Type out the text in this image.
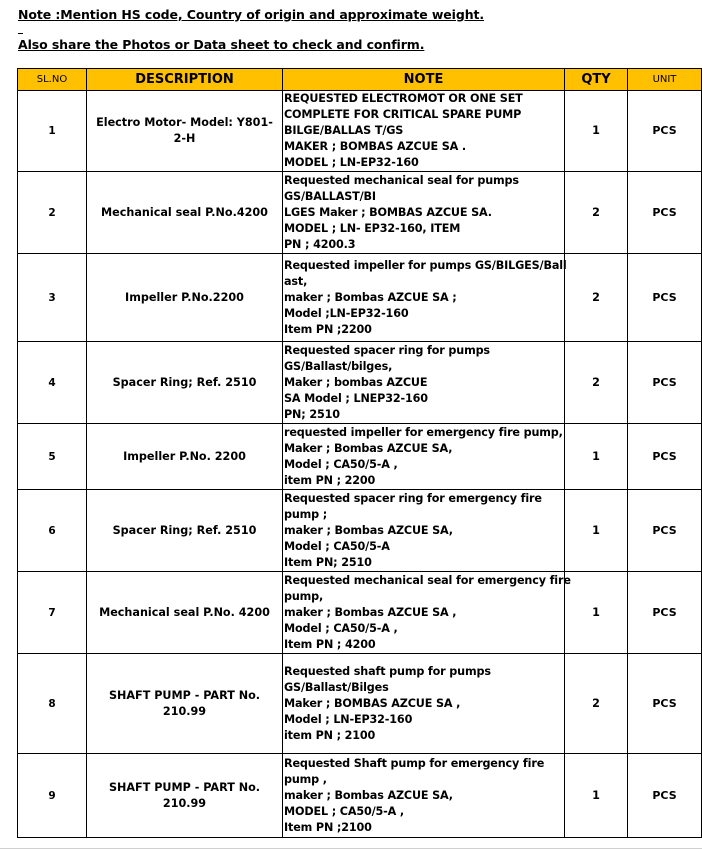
Note :Mention HS code, Country of origin and approximate weight.
Also share the Photos or Data sheet to check and confirm.
SL.NO	DESCRIPTION	NOTE	QTY	UNIT
1	Electro Motor- Model: Y801-2-H	REQUESTED ELECTROMOT OR ONE SET
COMPLETE FOR CRITICAL SPARE PUMP
BILGE/BALLAS T/GS
MAKER ; BOMBAS AZCUE SA .
MODEL ; LN-EP32-160	1	PCS
2	Mechanical seal P.No.4200	Requested mechanical seal for pumps
GS/BALLAST/BI
LGES Maker ; BOMBAS AZCUE SA.
MODEL ; LN- EP32-160, ITEM
PN ; 4200.3	2	PCS
3	Impeller P.No.2200	Requested impeller for pumps GS/BILGES/Ball
ast,
maker ; Bombas AZCUE SA ;
Model ;LN-EP32-160
Item PN ;2200	2	PCS
4	Spacer Ring; Ref. 2510	Requested spacer ring for pumps
GS/Ballast/bilges,
Maker ; bombas AZCUE
SA Model ; LNEP32-160
PN; 2510	2	PCS
5	Impeller P.No. 2200	requested impeller for emergency fire pump,
Maker ; Bombas AZCUE SA,
Model ; CA50/5-A ,
item PN ; 2200	1	PCS
6	Spacer Ring; Ref. 2510	Requested spacer ring for emergency fire
pump ;
maker ; Bombas AZCUE SA,
Model ; CA50/5-A
Item PN; 2510	1	PCS
7	Mechanical seal P.No. 4200	Requested mechanical seal for emergency fire
pump,
maker ; Bombas AZCUE SA ,
Model ; CA50/5-A ,
Item PN ; 4200	1	PCS
8	SHAFT PUMP - PART No. 210.99	Requested shaft pump for pumps
GS/Ballast/Bilges
Maker ; BOMBAS AZCUE SA ,
Model ; LN-EP32-160
item PN ; 2100	2	PCS
9	SHAFT PUMP - PART No. 210.99	Requested Shaft pump for emergency fire
pump ,
maker ; Bombas AZCUE SA,
MODEL ; CA50/5-A ,
Item PN ;2100	1	PCS
